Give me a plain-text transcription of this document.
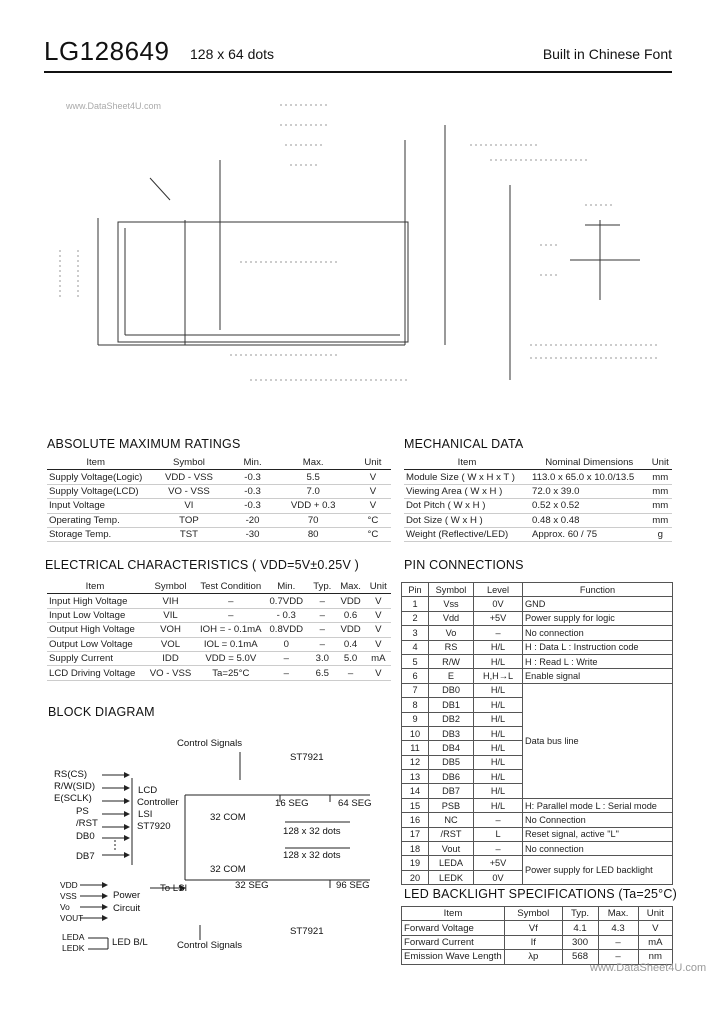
LG128649 128 x 64 dots	Built in Chinese Font
www.DataSheet4U.com
ABSOLUTE MAXIMUM RATINGS
Item	Symbol	Min.	Max.	Unit
Supply Voltage(Logic)	VDD - VSS	-0.3	5.5	V
Supply Voltage(LCD)	VO - VSS	-0.3	7.0	V
Input Voltage	VI	-0.3	VDD + 0.3	V
Operating Temp.	TOP	-20	70	°C
Storage Temp.	TST	-30	80	°C
MECHANICAL DATA
Item	Nominal Dimensions	Unit
Module Size ( W x H x T )	113.0 x 65.0 x 10.0/13.5	mm
Viewing Area ( W x H )	72.0 x 39.0	mm
Dot Pitch ( W x H )	0.52 x 0.52	mm
Dot Size ( W x H )	0.48 x 0.48	mm
Weight (Reflective/LED)	Approx. 60 / 75	g
ELECTRICAL CHARACTERISTICS ( VDD=5V±0.25V )
Item	Symbol	Test Condition	Min.	Typ.	Max.	Unit
Input High Voltage	VIH	–	0.7VDD	–	VDD	V
Input Low Voltage	VIL	–	- 0.3	–	0.6	V
Output High Voltage	VOH	IOH = - 0.1mA	0.8VDD	–	VDD	V
Output Low Voltage	VOL	IOL = 0.1mA	0	–	0.4	V
Supply Current	IDD	VDD = 5.0V	–	3.0	5.0	mA
LCD Driving Voltage	VO - VSS	Ta=25°C	–	6.5	–	V
PIN CONNECTIONS
Pin	Symbol	Level	Function
1	Vss	0V	GND
2	Vdd	+5V	Power supply for logic
3	Vo	–	No connection
4	RS	H/L	H : Data L : Instruction code
5	R/W	H/L	H : Read L : Write
6	E	H,H→L	Enable signal
7	DB0	H/L	Data bus line
8	DB1	H/L	
9	DB2	H/L	
10	DB3	H/L	
11	DB4	H/L	
12	DB5	H/L	
13	DB6	H/L	
14	DB7	H/L	
15	PSB	H/L	H: Parallel mode L : Serial mode
16	NC	–	No Connection
17	/RST	L	Reset signal, active "L"
18	Vout	–	No connection
19	LEDA	+5V	Power supply for LED backlight
20	LEDK	0V	
LED BACKLIGHT SPECIFICATIONS (Ta=25°C)
Item	Symbol	Typ.	Max.	Unit
Forward Voltage	Vf	4.1	4.3	V
Forward Current	If	300	–	mA
Emission Wave Length	λp	568	–	nm
www.DataSheet4U.com
BLOCK DIAGRAM
Control Signals
ST7921
RS(CS)
R/W(SID)
E(SCLK)
PS
/RST
DB0
DB7
LCD
Controller
LSI
ST7920
16 SEG	64 SEG
32 COM
128 x 32 dots
128 x 32 dots
32 COM
32 SEG	96 SEG
VDD
VSS
Vo
VOUT
Power
Circuit
To LSI
LEDA
LEDK	LED B/L	Control Signals
ST7921
